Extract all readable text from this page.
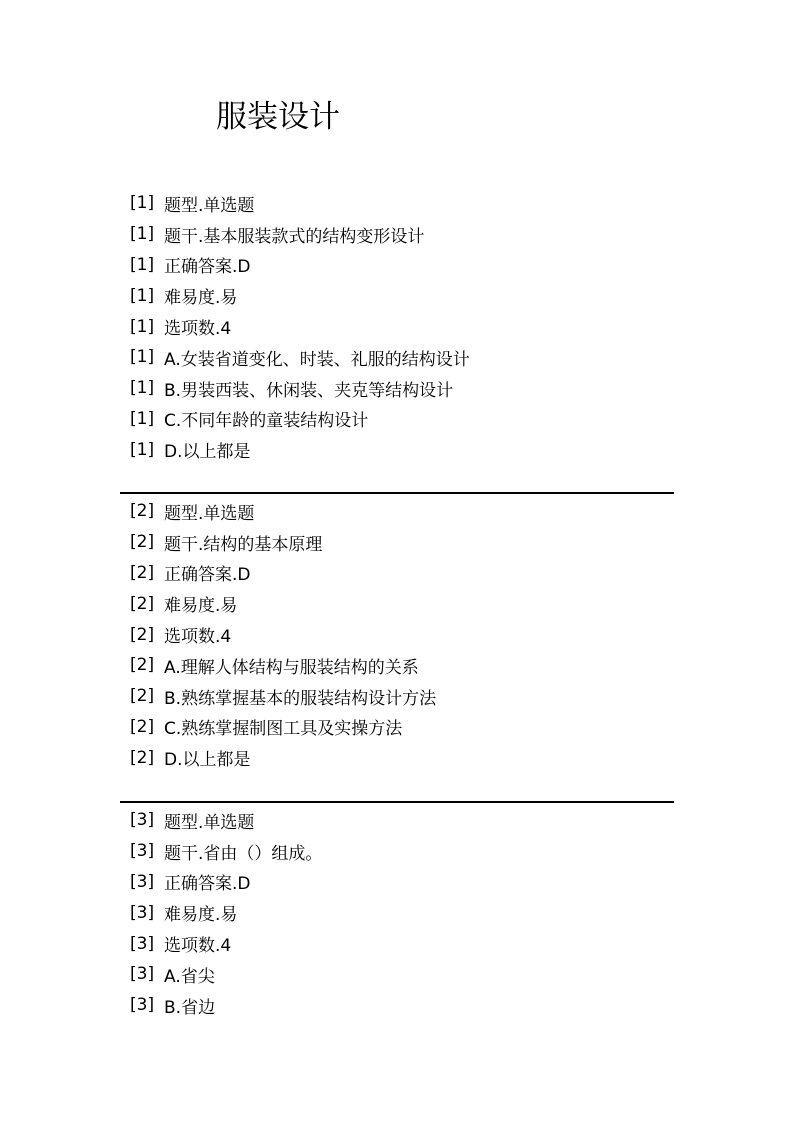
服装设计
[1] 题型.单选题
[1] 题干.基本服装款式的结构变形设计
[1] 正确答案.D
[1] 难易度.易
[1] 选项数.4
[1] A.女装省道变化、时装、礼服的结构设计
[1] B.男装西装、休闲装、夹克等结构设计
[1] C.不同年龄的童装结构设计
[1] D.以上都是
[2] 题型.单选题
[2] 题干.结构的基本原理
[2] 正确答案.D
[2] 难易度.易
[2] 选项数.4
[2] A.理解人体结构与服装结构的关系
[2] B.熟练掌握基本的服装结构设计方法
[2] C.熟练掌握制图工具及实操方法
[2] D.以上都是
[3] 题型.单选题
[3] 题干.省由（）组成。
[3] 正确答案.D
[3] 难易度.易
[3] 选项数.4
[3] A.省尖
[3] B.省边
